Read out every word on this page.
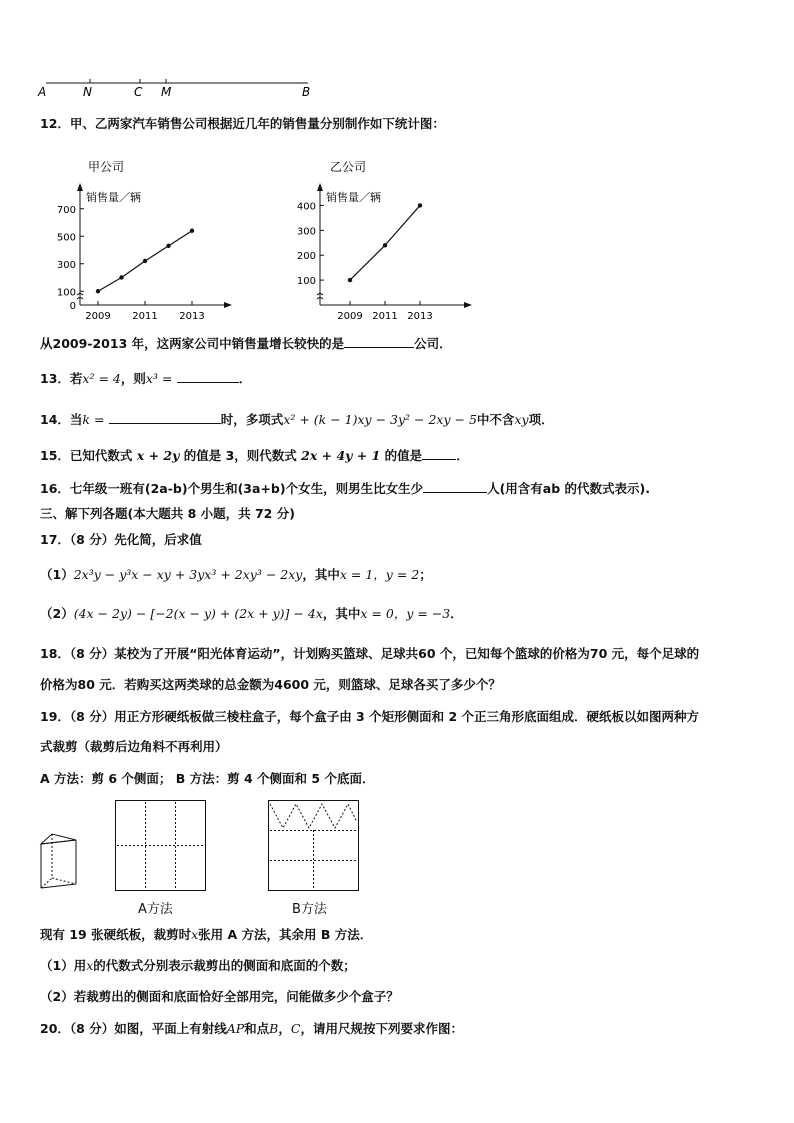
A	N	C M	B
12．甲、乙两家汽车销售公司根据近几年的销售量分别制作如下统计图：
甲公司
销售量／辆
0
100
300
500
700
2009 2011 2013
乙公司
销售量／辆
100
200
300
400
2009 2011 2013
从2009-2013 年，这两家公司中销售量增长较快的是	公司．
13．若x² = 4，则x³ =	．
14．当k =	时，多项式x² + (k − 1)xy − 3y² − 2xy − 5中不含xy项．
15．已知代数式 x + 2y 的值是 3，则代数式 2x + 4y + 1 的值是	．
16．七年级一班有(2a-b)个男生和(3a+b)个女生，则男生比女生少	人(用含有ab 的代数式表示).
三、解下列各题(本大题共 8 小题，共 72 分)
17．（8 分）先化简，后求值
（1）2x³y − y³x − xy + 3yx³ + 2xy³ − 2xy，其中x = 1，y = 2；
（2）(4x − 2y) − [−2(x − y) + (2x + y)] − 4x，其中x = 0，y = −3．
18．（8 分）某校为了开展“阳光体育运动”，计划购买篮球、足球共60 个，已知每个篮球的价格为70 元，每个足球的
价格为80 元．若购买这两类球的总金额为4600 元，则篮球、足球各买了多少个？
19．（8 分）用正方形硬纸板做三棱柱盒子，每个盒子由 3 个矩形侧面和 2 个正三角形底面组成．硬纸板以如图两种方
式裁剪（裁剪后边角料不再利用）
A 方法：剪 6 个侧面； B 方法：剪 4 个侧面和 5 个底面．
A方法	B方法
现有 19 张硬纸板，裁剪时x张用 A 方法，其余用 B 方法．
（1）用x的代数式分别表示裁剪出的侧面和底面的个数；
（2）若裁剪出的侧面和底面恰好全部用完，问能做多少个盒子？
20．（8 分）如图，平面上有射线AP和点B，C，请用尺规按下列要求作图：
